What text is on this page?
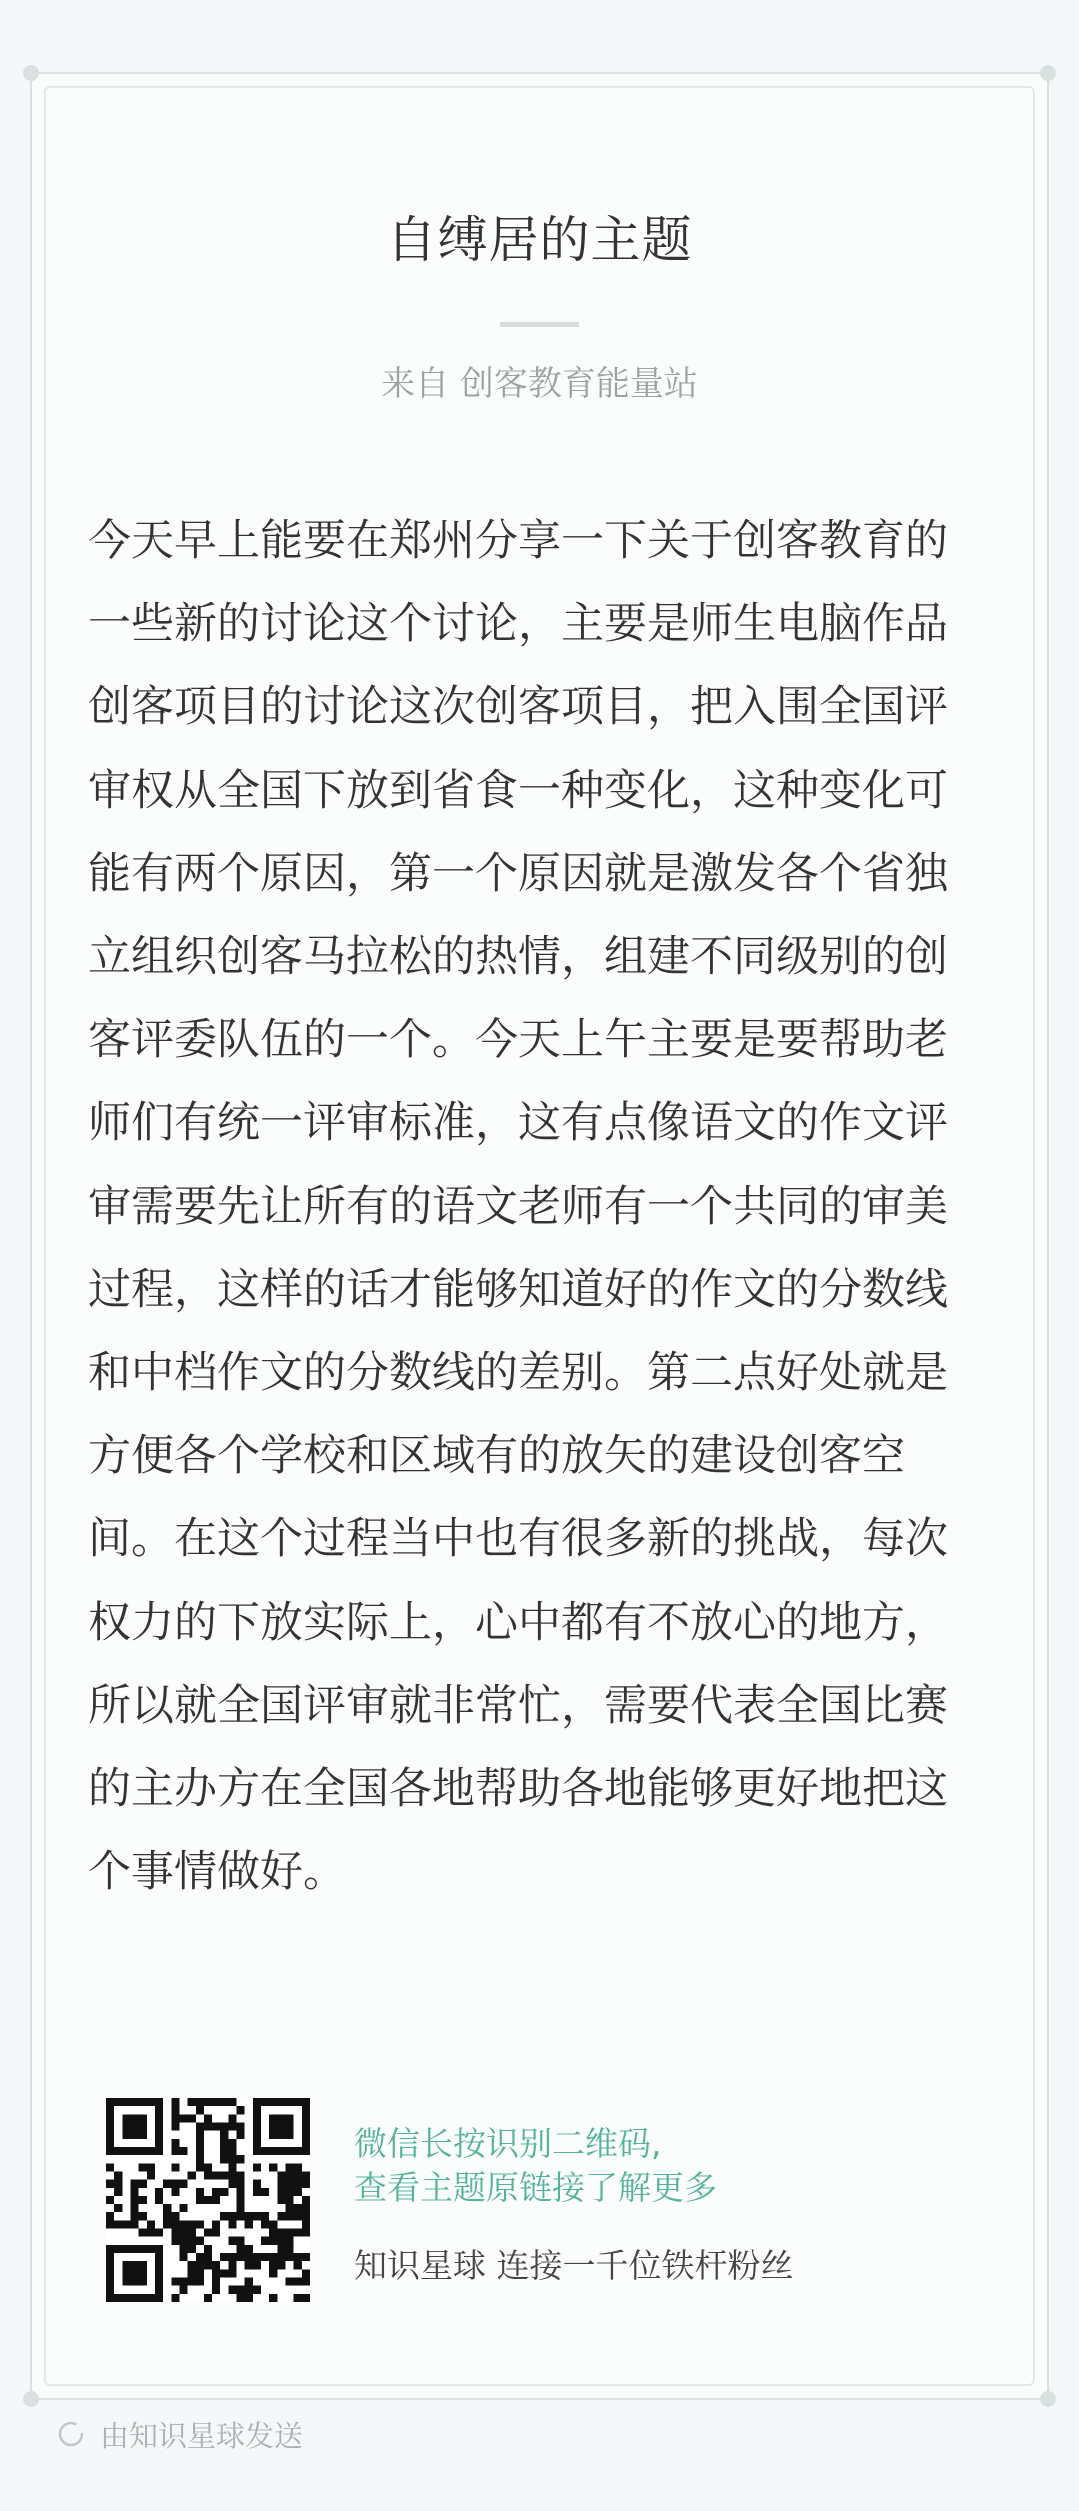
自缚居的主题
来自 创客教育能量站

今天早上能要在郑州分享一下关于创客教育的一些新的讨论这个讨论，主要是师生电脑作品创客项目的讨论这次创客项目，把入围全国评审权从全国下放到省食一种变化，这种变化可能有两个原因，第一个原因就是激发各个省独立组织创客马拉松的热情，组建不同级别的创客评委队伍的一个。今天上午主要是要帮助老师们有统一评审标准，这有点像语文的作文评审需要先让所有的语文老师有一个共同的审美过程，这样的话才能够知道好的作文的分数线和中档作文的分数线的差别。第二点好处就是方便各个学校和区域有的放矢的建设创客空间。在这个过程当中也有很多新的挑战，每次权力的下放实际上，心中都有不放心的地方，所以就全国评审就非常忙，需要代表全国比赛的主办方在全国各地帮助各地能够更好地把这个事情做好。

微信长按识别二维码,
查看主题原链接了解更多
知识星球 连接一千位铁杆粉丝
由知识星球发送
